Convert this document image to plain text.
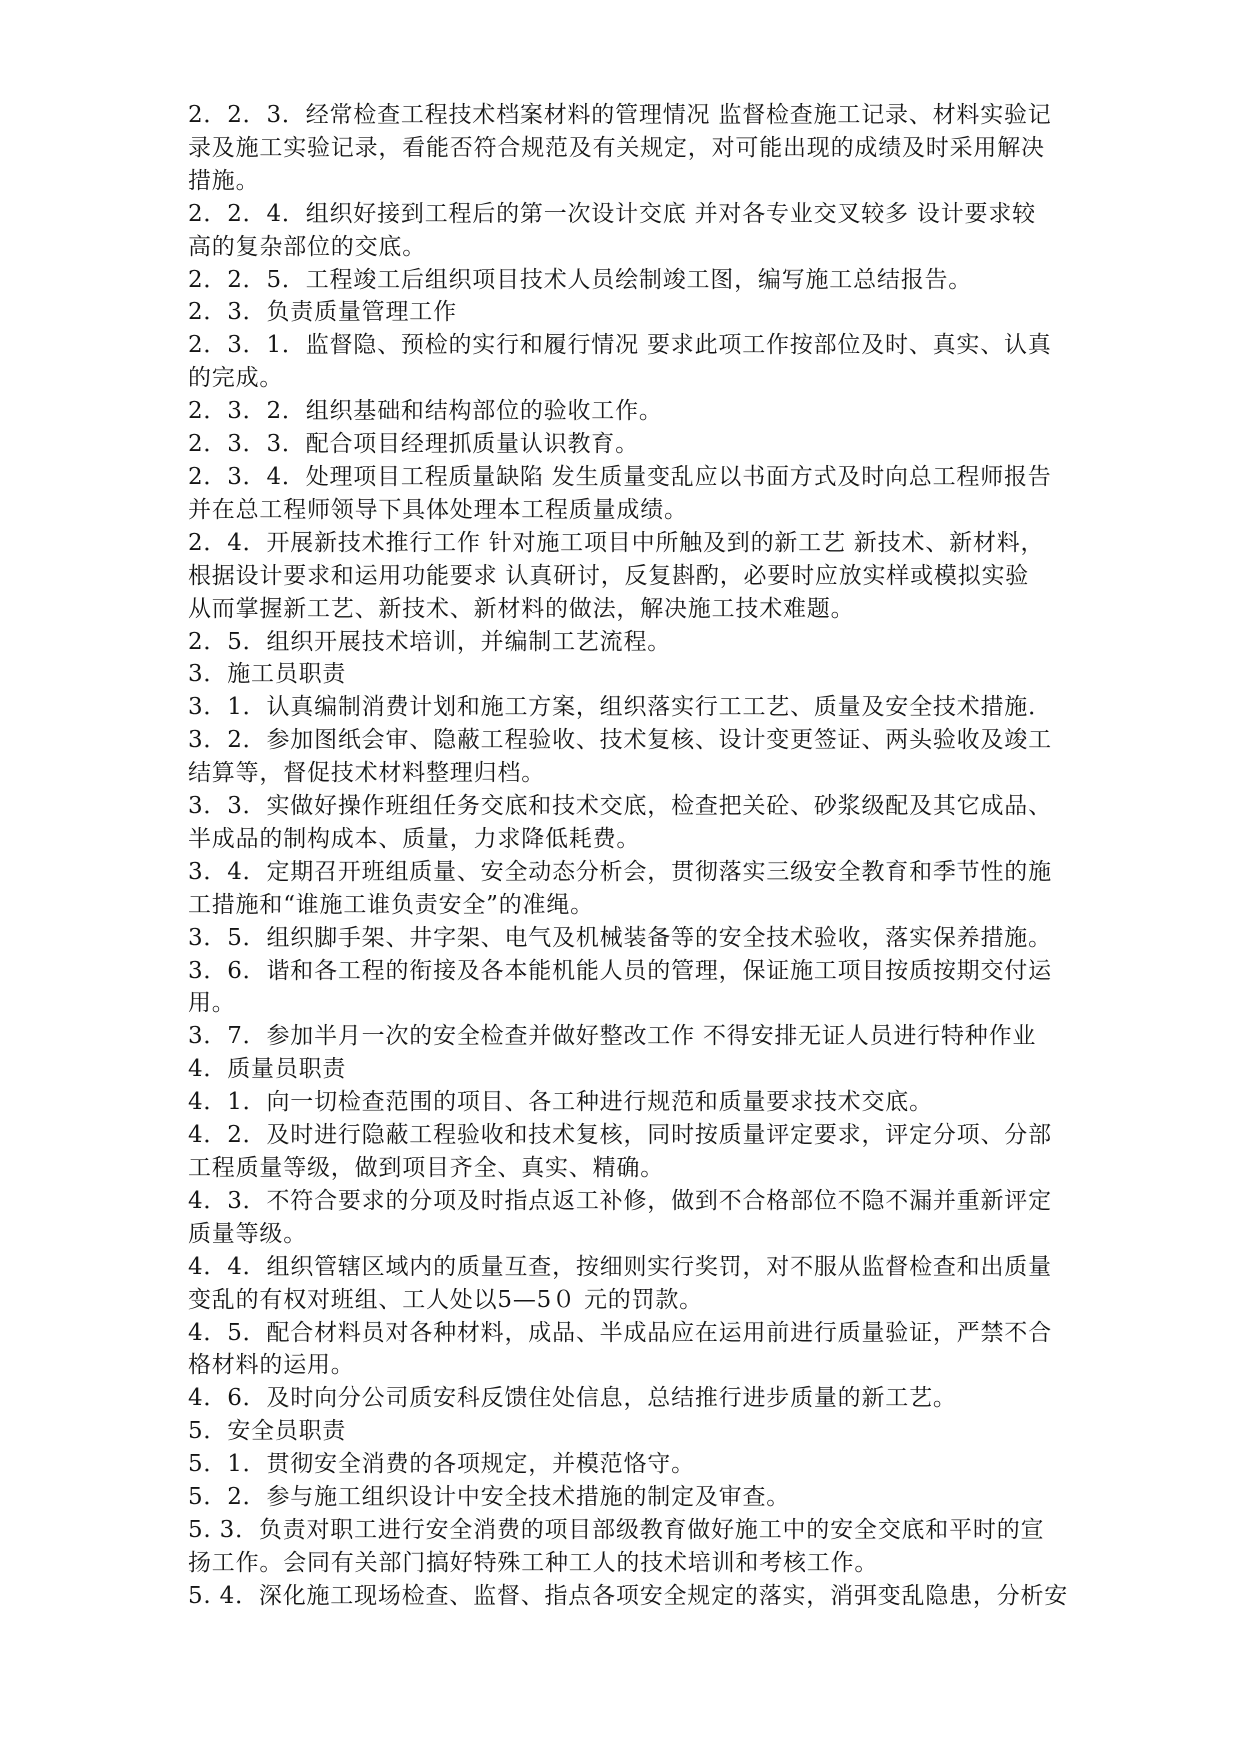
2．2．3．经常检查工程技术档案材料的管理情况 监督检查施工记录、材料实验记
录及施工实验记录，看能否符合规范及有关规定，对可能出现的成绩及时采用解决
措施。

2．2．4．组织好接到工程后的第一次设计交底 并对各专业交叉较多 设计要求较
高的复杂部位的交底。

2．2．5．工程竣工后组织项目技术人员绘制竣工图，编写施工总结报告。

2．3．负责质量管理工作

2．3．1．监督隐、预检的实行和履行情况 要求此项工作按部位及时、真实、认真
的完成。

2．3．2．组织基础和结构部位的验收工作。

2．3．3．配合项目经理抓质量认识教育。

2．3．4．处理项目工程质量缺陷 发生质量变乱应以书面方式及时向总工程师报告
并在总工程师领导下具体处理本工程质量成绩。

2．4．开展新技术推行工作 针对施工项目中所触及到的新工艺 新技术、新材料，
根据设计要求和运用功能要求 认真研讨，反复斟酌，必要时应放实样或模拟实验
从而掌握新工艺、新技术、新材料的做法，解决施工技术难题。

2．5．组织开展技术培训，并编制工艺流程。

3．施工员职责

3．1．认真编制消费计划和施工方案，组织落实行工工艺、质量及安全技术措施．

3．2．参加图纸会审、隐蔽工程验收、技术复核、设计变更签证、两头验收及竣工
结算等，督促技术材料整理归档。

3．3．实做好操作班组任务交底和技术交底，检查把关砼、砂浆级配及其它成品、
半成品的制构成本、质量，力求降低耗费。

3．4．定期召开班组质量、安全动态分析会，贯彻落实三级安全教育和季节性的施
工措施和“谁施工谁负责安全”的准绳。

3．5．组织脚手架、井字架、电气及机械装备等的安全技术验收，落实保养措施。

3．6．谐和各工程的衔接及各本能机能人员的管理，保证施工项目按质按期交付运
用。

3．7．参加半月一次的安全检查并做好整改工作 不得安排无证人员进行特种作业

4．质量员职责

4．1．向一切检查范围的项目、各工种进行规范和质量要求技术交底。

4．2．及时进行隐蔽工程验收和技术复核，同时按质量评定要求，评定分项、分部
工程质量等级，做到项目齐全、真实、精确。

4．3．不符合要求的分项及时指点返工补修，做到不合格部位不隐不漏并重新评定
质量等级。

4．4．组织管辖区域内的质量互查，按细则实行奖罚，对不服从监督检查和出质量
变乱的有权对班组、工人处以5—5０ 元的罚款。

4．5．配合材料员对各种材料，成品、半成品应在运用前进行质量验证，严禁不合
格材料的运用。

4．6．及时向分公司质安科反馈住处信息，总结推行进步质量的新工艺。

5．安全员职责

5．1．贯彻安全消费的各项规定，并模范恪守。

5．2．参与施工组织设计中安全技术措施的制定及审查。

5. 3．负责对职工进行安全消费的项目部级教育做好施工中的安全交底和平时的宣
扬工作。会同有关部门搞好特殊工种工人的技术培训和考核工作。

5. 4．深化施工现场检查、监督、指点各项安全规定的落实，消弭变乱隐患，分析安
